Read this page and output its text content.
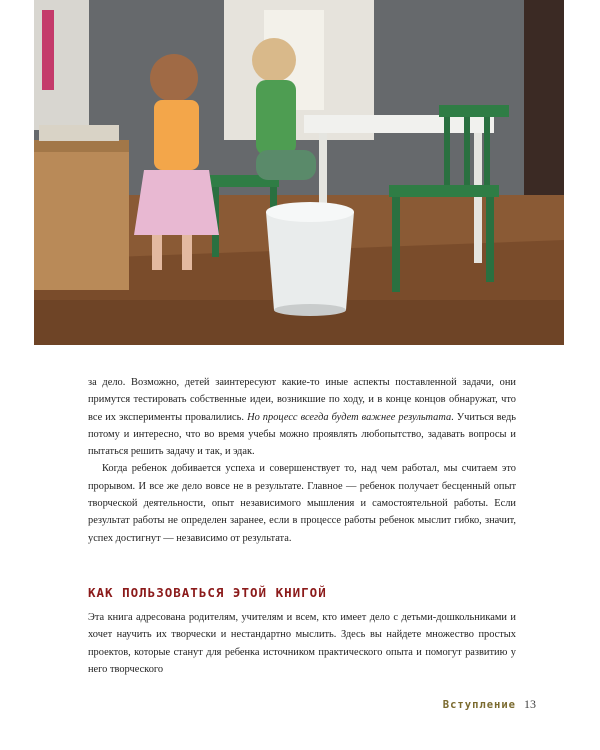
за дело. Возможно, детей заинтересуют какие-то иные аспекты поставленной задачи, они примутся тестировать собственные идеи, возникшие по ходу, и в конце концов обнаружат, что все их эксперименты провалились. Но процесс всегда будет важнее результата. Учиться ведь потому и интересно, что во время учебы можно проявлять любопытство, задавать вопросы и пытаться решить задачу и так, и эдак.

Когда ребенок добивается успеха и совершенствует то, над чем работал, мы считаем это прорывом. И все же дело вовсе не в результате. Главное — ребенок получает бесценный опыт творческой деятельности, опыт независимого мышления и самостоятельной работы. Если результат работы не определен заранее, если в процессе работы ребенок мыслит гибко, значит, успех достигнут — независимо от результата.

КАК ПОЛЬЗОВАТЬСЯ ЭТОЙ КНИГОЙ

Эта книга адресована родителям, учителям и всем, кто имеет дело с детьми-дошкольниками и хочет научить их творчески и нестандартно мыслить. Здесь вы найдете множество простых проектов, которые станут для ребенка источником практического опыта и помогут развитию у него творческого

Вступление 13
